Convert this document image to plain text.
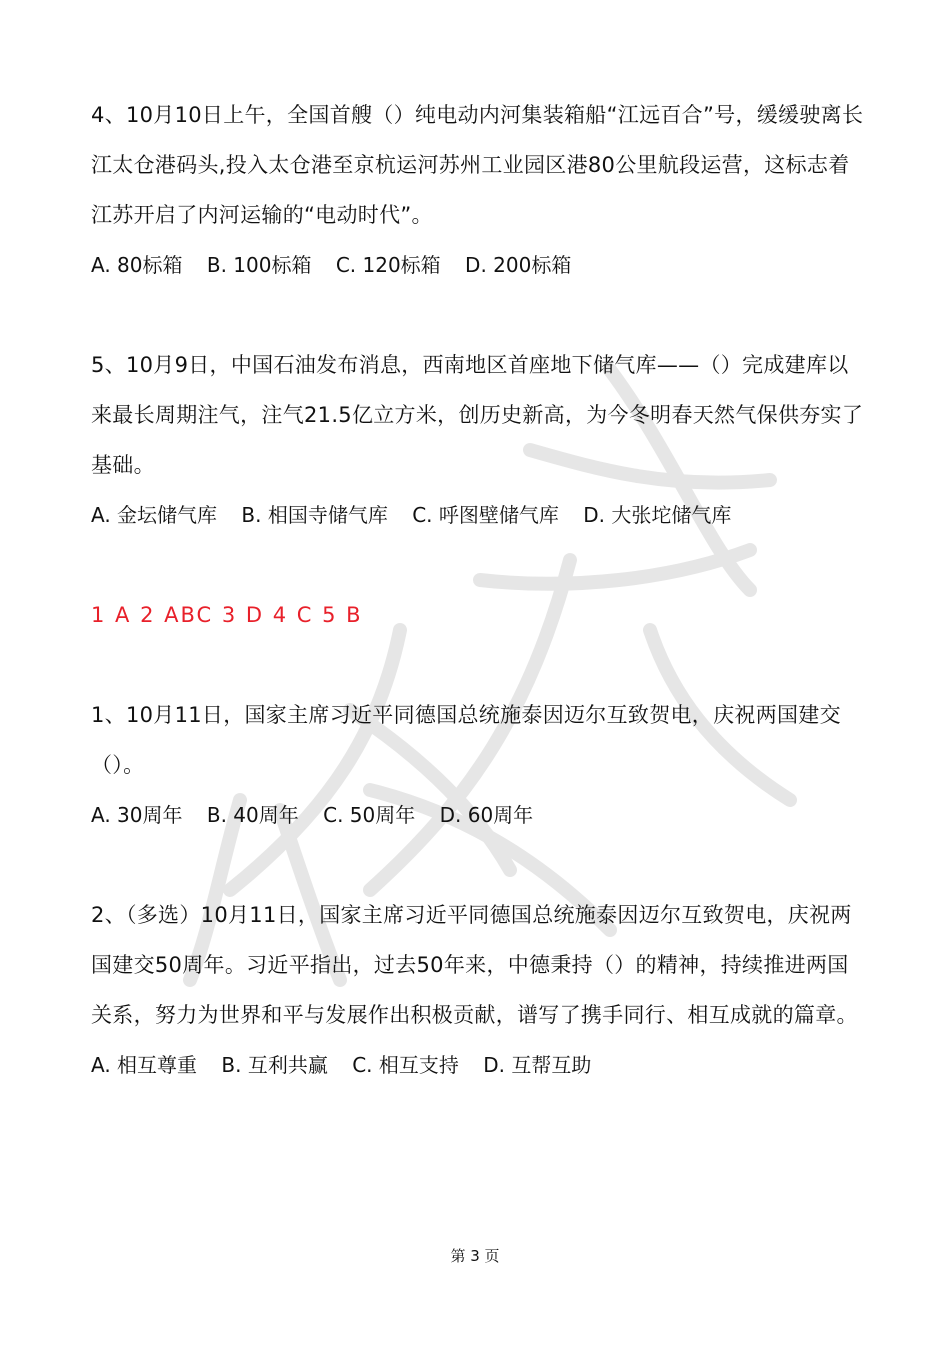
4、10月10日上午，全国首艘（）纯电动内河集装箱船“江远百合”号，缓缓驶离长江太仓港码头,投入太仓港至京杭运河苏州工业园区港80公里航段运营，这标志着江苏开启了内河运输的“电动时代”。

A. 80标箱 B. 100标箱 C. 120标箱 D. 200标箱

5、10月9日，中国石油发布消息，西南地区首座地下储气库——（）完成建库以来最长周期注气，注气21.5亿立方米，创历史新高，为今冬明春天然气保供夯实了基础。

A. 金坛储气库 B. 相国寺储气库 C. 呼图壁储气库 D. 大张坨储气库

1 A 2 ABC 3 D 4 C 5 B

1、10月11日，国家主席习近平同德国总统施泰因迈尔互致贺电，庆祝两国建交（）。

A. 30周年 B. 40周年 C. 50周年 D. 60周年

2、（多选）10月11日，国家主席习近平同德国总统施泰因迈尔互致贺电，庆祝两国建交50周年。习近平指出，过去50年来，中德秉持（）的精神，持续推进两国关系，努力为世界和平与发展作出积极贡献，谱写了携手同行、相互成就的篇章。

A. 相互尊重 B. 互利共赢 C. 相互支持 D. 互帮互助

第 3 页
